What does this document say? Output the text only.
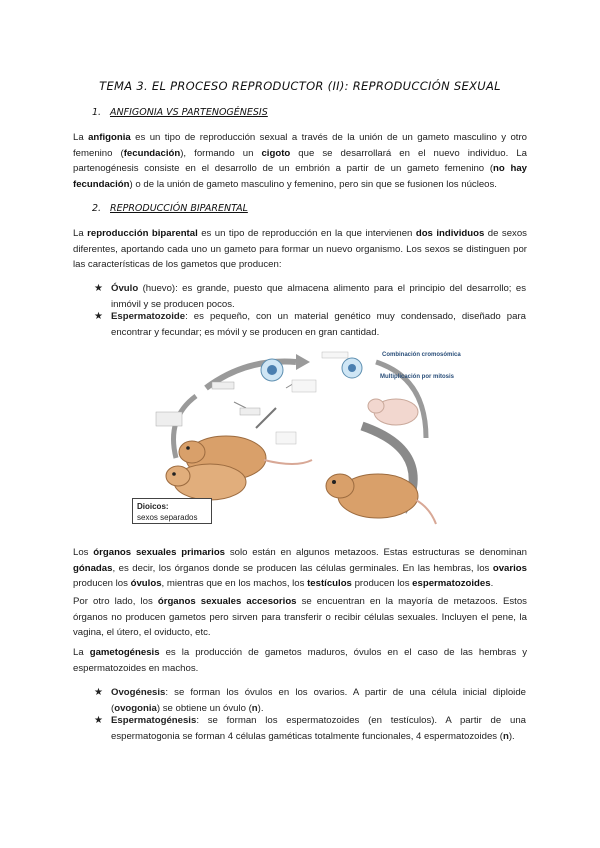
TEMA 3. EL PROCESO REPRODUCTOR (II): REPRODUCCIÓN SEXUAL
1. ANFIGONIA VS PARTENOGÉNESIS
La anfigonia es un tipo de reproducción sexual a través de la unión de un gameto masculino y otro femenino (fecundación), formando un cigoto que se desarrollará en el nuevo individuo. La partenogénesis consiste en el desarrollo de un embrión a partir de un gameto femenino (no hay fecundación) o de la unión de gameto masculino y femenino, pero sin que se fusionen los núcleos.
2. REPRODUCCIÓN BIPARENTAL
La reproducción biparental es un tipo de reproducción en la que intervienen dos individuos de sexos diferentes, aportando cada uno un gameto para formar un nuevo organismo. Los sexos se distinguen por las características de los gametos que producen:
★ Óvulo (huevo): es grande, puesto que almacena alimento para el principio del desarrollo; es inmóvil y se producen pocos.
★ Espermatozoide: es pequeño, con un material genético muy condensado, diseñado para encontrar y fecundar; es móvil y se producen en gran cantidad.
Combinación cromosómica
Multiplicación por mitosis
Dioicos:
sexos separados
Los órganos sexuales primarios solo están en algunos metazoos. Estas estructuras se denominan gónadas, es decir, los órganos donde se producen las células germinales. En las hembras, los ovarios producen los óvulos, mientras que en los machos, los testículos producen los espermatozoides.
Por otro lado, los órganos sexuales accesorios se encuentran en la mayoría de metazoos. Estos órganos no producen gametos pero sirven para transferir o recibir células sexuales. Incluyen el pene, la vagina, el útero, el oviducto, etc.
La gametogénesis es la producción de gametos maduros, óvulos en el caso de las hembras y espermatozoides en machos.
★ Ovogénesis: se forman los óvulos en los ovarios. A partir de una célula inicial diploide (ovogonia) se obtiene un óvulo (n).
★ Espermatogénesis: se forman los espermatozoides (en testículos). A partir de una espermatogonia se forman 4 células gaméticas totalmente funcionales, 4 espermatozoides (n).
